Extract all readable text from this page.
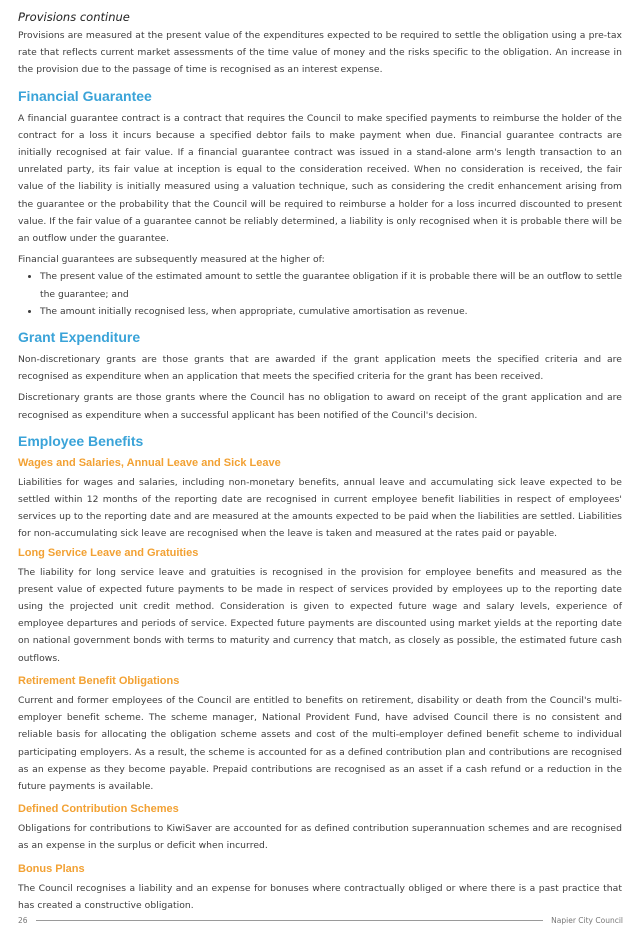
Provisions continue

Provisions are measured at the present value of the expenditures expected to be required to settle the obligation using a pre-tax rate that reflects current market assessments of the time value of money and the risks specific to the obligation. An increase in the provision due to the passage of time is recognised as an interest expense.

Financial Guarantee

A financial guarantee contract is a contract that requires the Council to make specified payments to reimburse the holder of the contract for a loss it incurs because a specified debtor fails to make payment when due. Financial guarantee contracts are initially recognised at fair value. If a financial guarantee contract was issued in a stand-alone arm's length transaction to an unrelated party, its fair value at inception is equal to the consideration received. When no consideration is received, the fair value of the liability is initially measured using a valuation technique, such as considering the credit enhancement arising from the guarantee or the probability that the Council will be required to reimburse a holder for a loss incurred discounted to present value. If the fair value of a guarantee cannot be reliably determined, a liability is only recognised when it is probable there will be an outflow under the guarantee.

Financial guarantees are subsequently measured at the higher of:

• The present value of the estimated amount to settle the guarantee obligation if it is probable there will be an outflow to settle the guarantee; and
• The amount initially recognised less, when appropriate, cumulative amortisation as revenue.
Grant Expenditure

Non-discretionary grants are those grants that are awarded if the grant application meets the specified criteria and are recognised as expenditure when an application that meets the specified criteria for the grant has been received.

Discretionary grants are those grants where the Council has no obligation to award on receipt of the grant application and are recognised as expenditure when a successful applicant has been notified of the Council's decision.

Employee Benefits
Wages and Salaries, Annual Leave and Sick Leave

Liabilities for wages and salaries, including non-monetary benefits, annual leave and accumulating sick leave expected to be settled within 12 months of the reporting date are recognised in current employee benefit liabilities in respect of employees' services up to the reporting date and are measured at the amounts expected to be paid when the liabilities are settled. Liabilities for non-accumulating sick leave are recognised when the leave is taken and measured at the rates paid or payable.

Long Service Leave and Gratuities

The liability for long service leave and gratuities is recognised in the provision for employee benefits and measured as the present value of expected future payments to be made in respect of services provided by employees up to the reporting date using the projected unit credit method. Consideration is given to expected future wage and salary levels, experience of employee departures and periods of service. Expected future payments are discounted using market yields at the reporting date on national government bonds with terms to maturity and currency that match, as closely as possible, the estimated future cash outflows.

Retirement Benefit Obligations

Current and former employees of the Council are entitled to benefits on retirement, disability or death from the Council's multi-employer benefit scheme. The scheme manager, National Provident Fund, have advised Council there is no consistent and reliable basis for allocating the obligation scheme assets and cost of the multi-employer defined benefit scheme to individual participating employers. As a result, the scheme is accounted for as a defined contribution plan and contributions are recognised as an expense as they become payable. Prepaid contributions are recognised as an asset if a cash refund or a reduction in the future payments is available.

Defined Contribution Schemes

Obligations for contributions to KiwiSaver are accounted for as defined contribution superannuation schemes and are recognised as an expense in the surplus or deficit when incurred.

Bonus Plans

The Council recognises a liability and an expense for bonuses where contractually obliged or where there is a past practice that has created a constructive obligation.

26	Napier City Council
